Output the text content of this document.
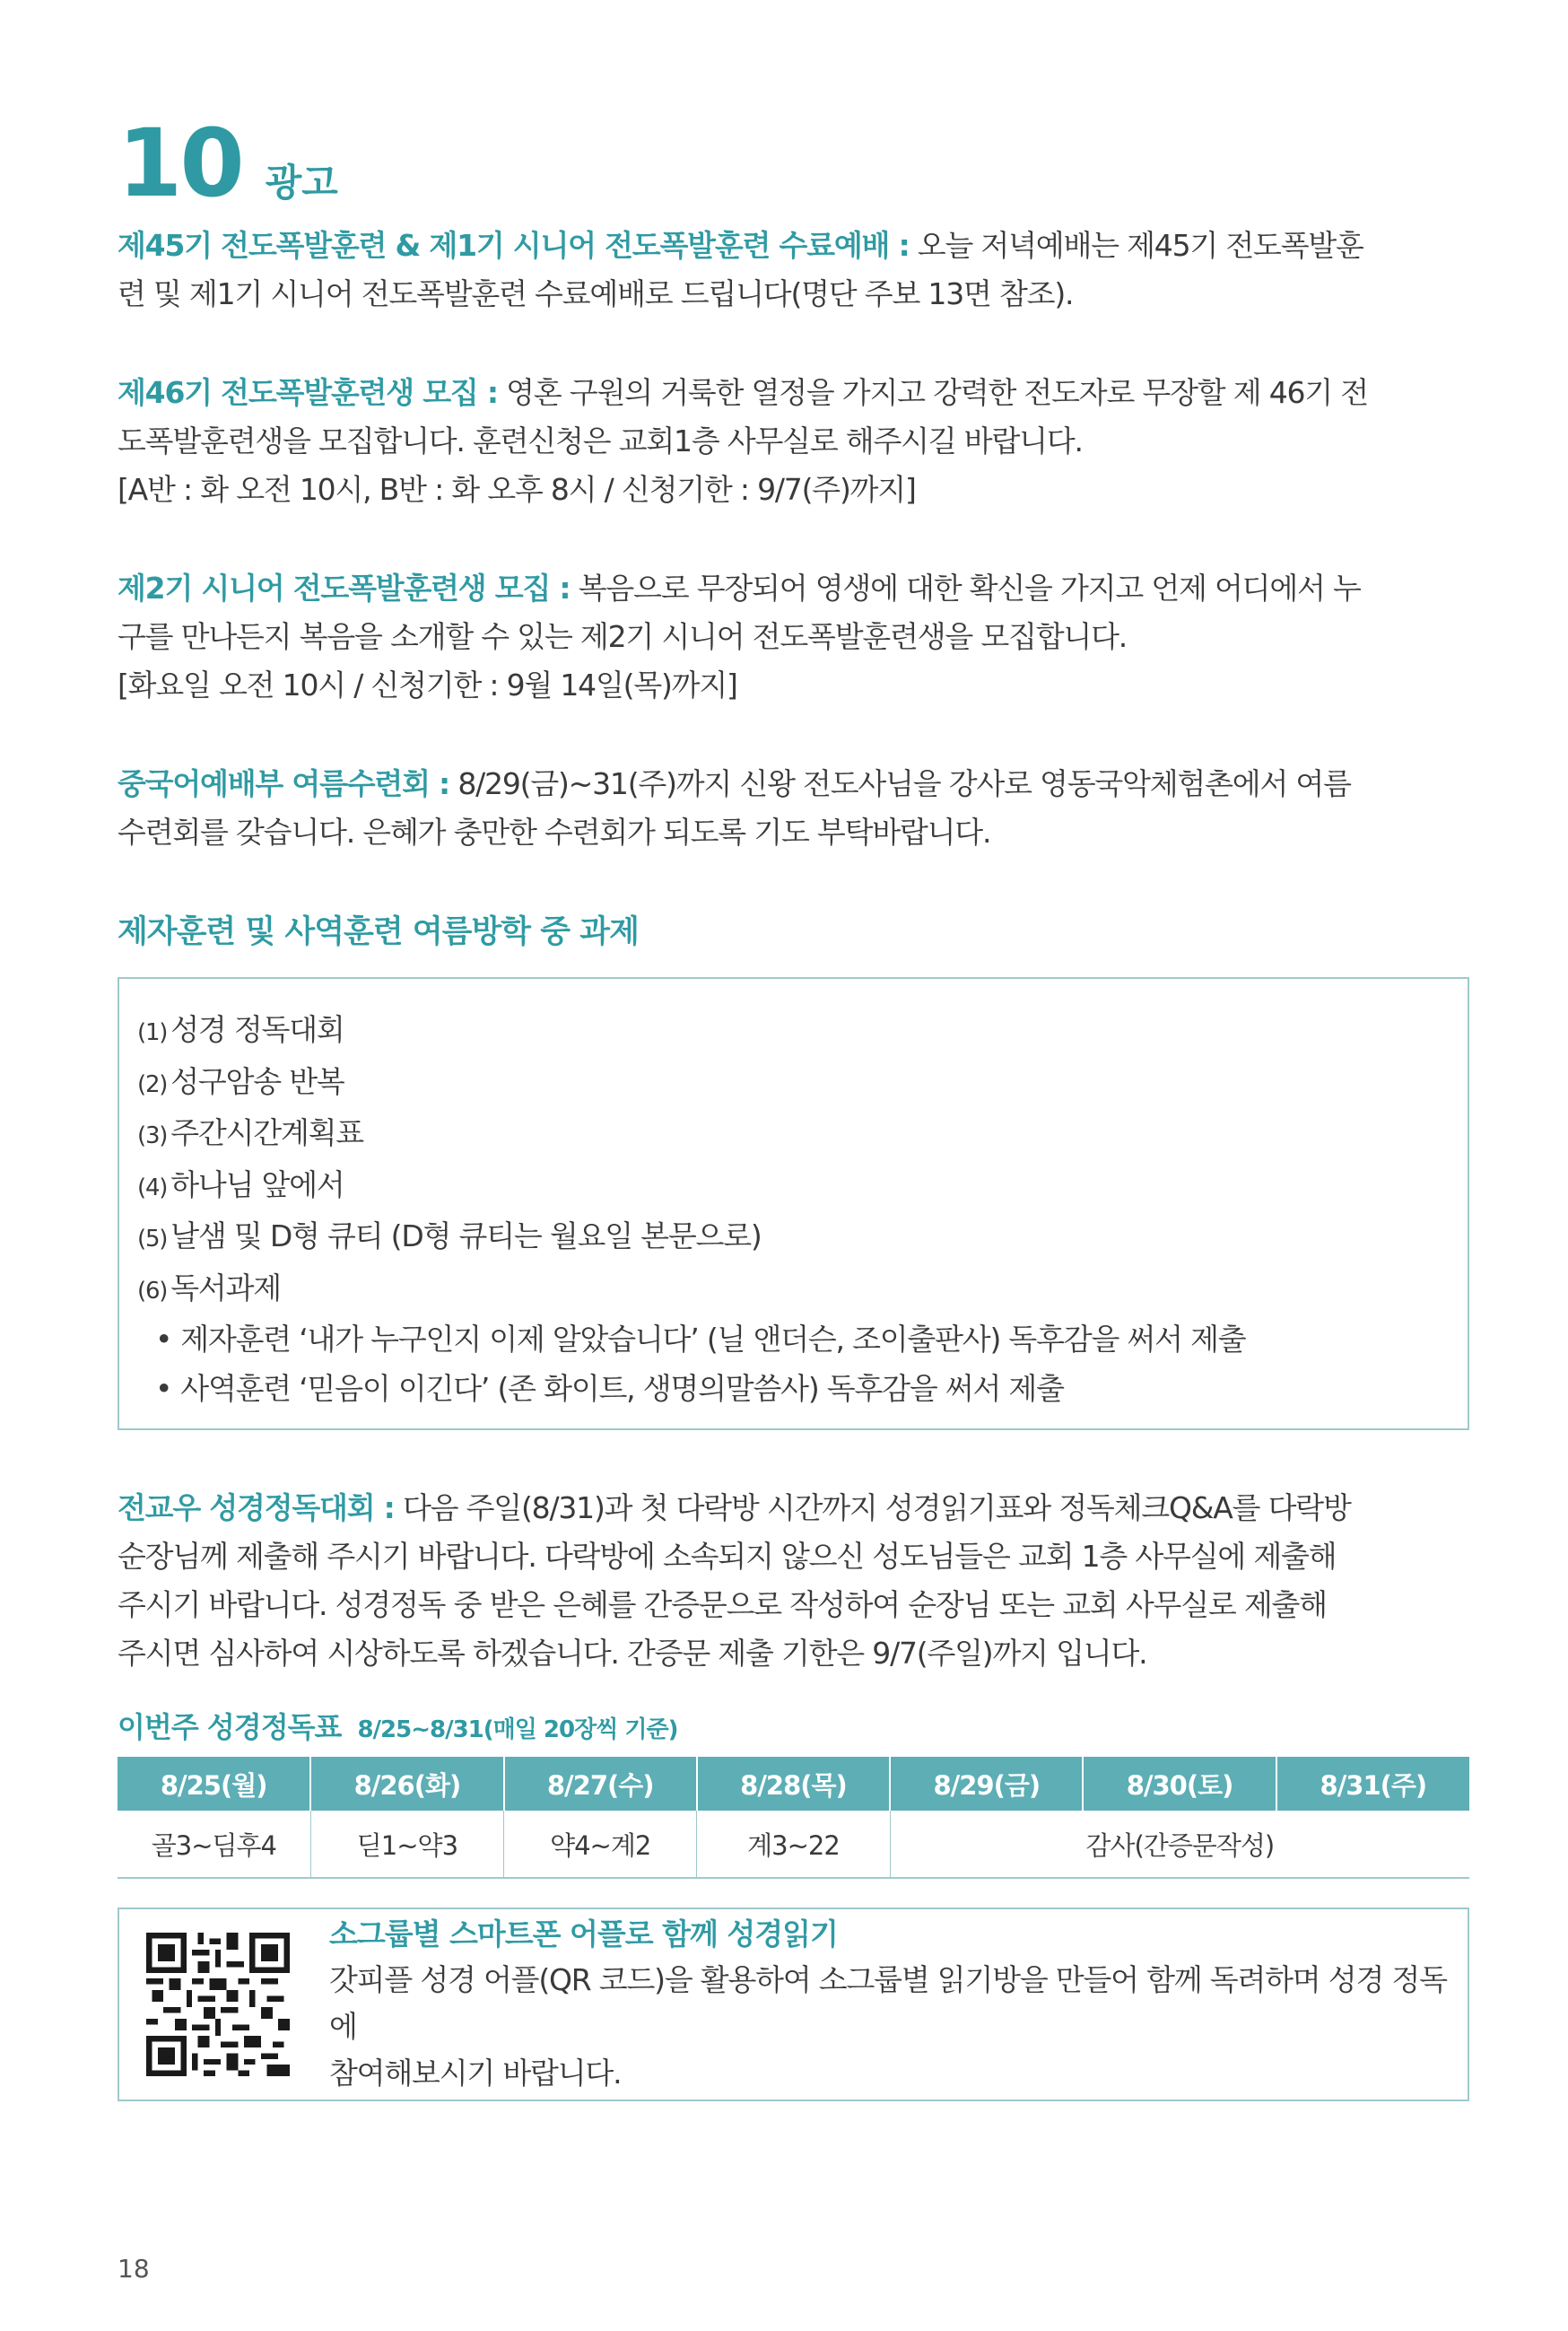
10 광고

제45기 전도폭발훈련 & 제1기 시니어 전도폭발훈련 수료예배 : 오늘 저녁예배는 제45기 전도폭발훈
련 및 제1기 시니어 전도폭발훈련 수료예배로 드립니다(명단 주보 13면 참조).

제46기 전도폭발훈련생 모집 : 영혼 구원의 거룩한 열정을 가지고 강력한 전도자로 무장할 제 46기 전
도폭발훈련생을 모집합니다. 훈련신청은 교회1층 사무실로 해주시길 바랍니다.
[A반 : 화 오전 10시, B반 : 화 오후 8시 / 신청기한 : 9/7(주)까지]

제2기 시니어 전도폭발훈련생 모집 : 복음으로 무장되어 영생에 대한 확신을 가지고 언제 어디에서 누
구를 만나든지 복음을 소개할 수 있는 제2기 시니어 전도폭발훈련생을 모집합니다.
[화요일 오전 10시 / 신청기한 : 9월 14일(목)까지]

중국어예배부 여름수련회 : 8/29(금)~31(주)까지 신왕 전도사님을 강사로 영동국악체험촌에서 여름
수련회를 갖습니다. 은혜가 충만한 수련회가 되도록 기도 부탁바랍니다.

제자훈련 및 사역훈련 여름방학 중 과제

(1) 성경 정독대회
(2) 성구암송 반복
(3) 주간시간계획표
(4) 하나님 앞에서
(5) 날샘 및 D형 큐티 (D형 큐티는 월요일 본문으로)
(6) 독서과제
• 제자훈련 ‘내가 누구인지 이제 알았습니다’ (닐 앤더슨, 조이출판사) 독후감을 써서 제출
• 사역훈련 ‘믿음이 이긴다’ (존 화이트, 생명의말씀사) 독후감을 써서 제출

전교우 성경정독대회 : 다음 주일(8/31)과 첫 다락방 시간까지 성경읽기표와 정독체크Q&A를 다락방
순장님께 제출해 주시기 바랍니다. 다락방에 소속되지 않으신 성도님들은 교회 1층 사무실에 제출해
주시기 바랍니다. 성경정독 중 받은 은혜를 간증문으로 작성하여 순장님 또는 교회 사무실로 제출해
주시면 심사하여 시상하도록 하겠습니다. 간증문 제출 기한은 9/7(주일)까지 입니다.

이번주 성경정독표 8/25~8/31(매일 20장씩 기준)
8/25(월)	8/26(화)	8/27(수)	8/28(목)	8/29(금)	8/30(토)	8/31(주)
골3~딤후4	딛1~약3	약4~계2	계3~22	감사(간증문작성)		
소그룹별 스마트폰 어플로 함께 성경읽기
갓피플 성경 어플(QR 코드)을 활용하여 소그룹별 읽기방을 만들어 함께 독려하며 성경 정독에
참여해보시기 바랍니다.
18
